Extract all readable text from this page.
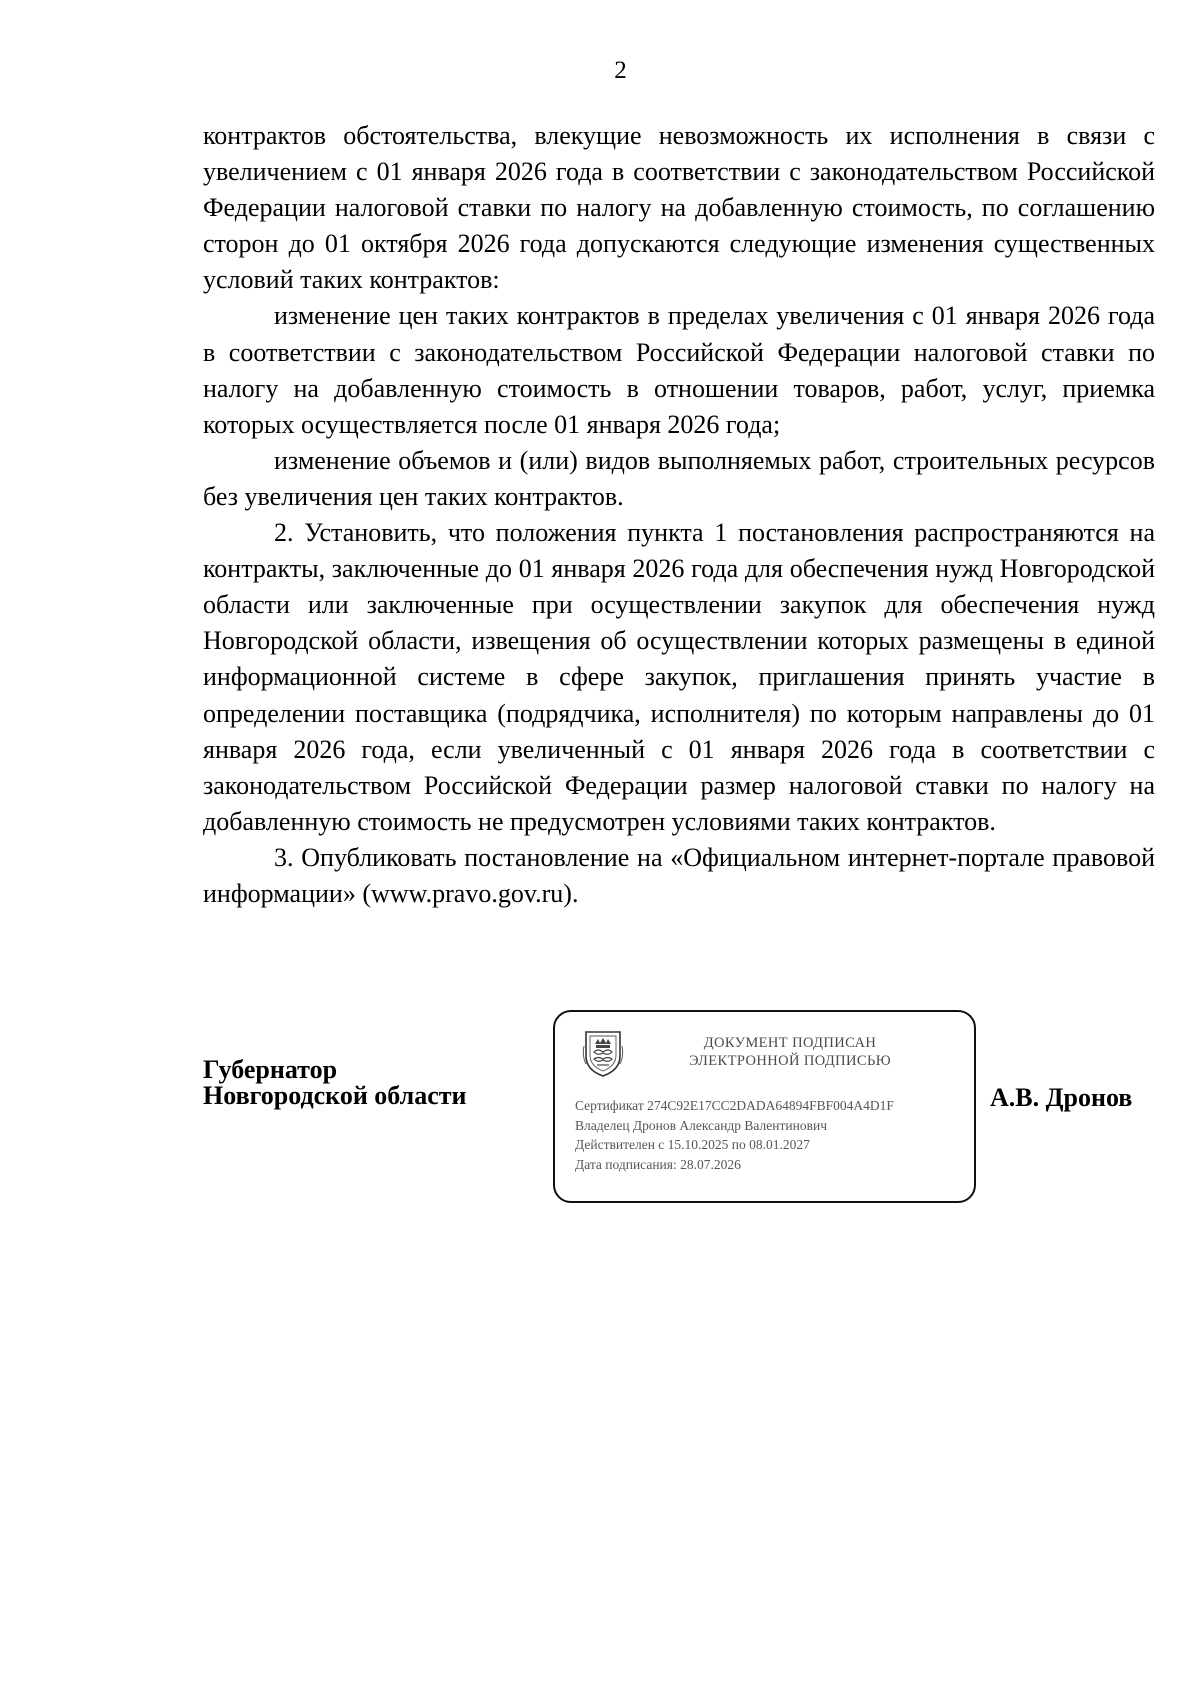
2

контрактов обстоятельства, влекущие невозможность их исполнения в связи с увеличением с 01 января 2026 года в соответствии с законодательством Российской Федерации налоговой ставки по налогу на добавленную стоимость, по соглашению сторон до 01 октября 2026 года допускаются следующие изменения существенных условий таких контрактов:

изменение цен таких контрактов в пределах увеличения с 01 января 2026 года в соответствии с законодательством Российской Федерации налоговой ставки по налогу на добавленную стоимость в отношении товаров, работ, услуг, приемка которых осуществляется после 01 января 2026 года;

изменение объемов и (или) видов выполняемых работ, строительных ресурсов без увеличения цен таких контрактов.

2. Установить, что положения пункта 1 постановления распространяются на контракты, заключенные до 01 января 2026 года для обеспечения нужд Новгородской области или заключенные при осуществлении закупок для обеспечения нужд Новгородской области, извещения об осуществлении которых размещены в единой информационной системе в сфере закупок, приглашения принять участие в определении поставщика (подрядчика, исполнителя) по которым направлены до 01 января 2026 года, если увеличенный с 01 января 2026 года в соответствии с законодательством Российской Федерации размер налоговой ставки по налогу на добавленную стоимость не предусмотрен условиями таких контрактов.

3. Опубликовать постановление на «Официальном интернет-портале правовой информации» (www.pravo.gov.ru).

Губернатор
Новгородской области
ДОКУМЕНТ ПОДПИСАН
ЭЛЕКТРОННОЙ ПОДПИСЬЮ
Сертификат 274C92E17CC2DADA64894FBF004A4D1F
Владелец Дронов Александр Валентинович
Действителен с 15.10.2025 по 08.01.2027
Дата подписания: 28.07.2026
А.В. Дронов
